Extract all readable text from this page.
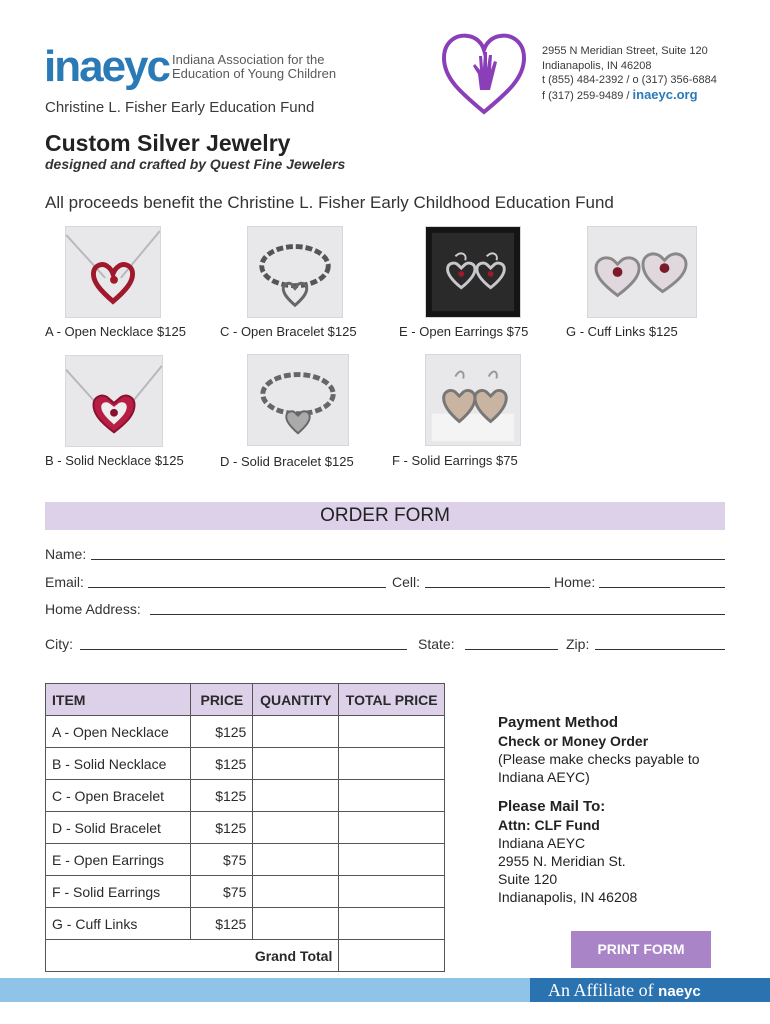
inaeyc Indiana Association for the
Education of Young Children
Christine L. Fisher Early Education Fund
2955 N Meridian Street, Suite 120
Indianapolis, IN 46208
t (855) 484-2392 / o (317) 356-6884
f (317) 259-9489 / inaeyc.org
Custom Silver Jewelry
designed and crafted by Quest Fine Jewelers
All proceeds benefit the Christine L. Fisher Early Childhood Education Fund
A - Open Necklace $125	C - Open Bracelet $125	E - Open Earrings $75	G - Cuff Links $125
B - Solid Necklace $125	D - Solid Bracelet $125	F - Solid Earrings $75
ORDER FORM
Name:
Email:	Cell:	Home:
Home Address:
City:	State:	Zip:
ITEM	PRICE	QUANTITY	TOTAL PRICE
A - Open Necklace	$125		
B - Solid Necklace	$125		
C - Open Bracelet	$125		
D - Solid Bracelet	$125		
E - Open Earrings	$75		
F - Solid Earrings	$75		
G - Cuff Links	$125		
Grand Total			
Payment Method
Check or Money Order
(Please make checks payable to
Indiana AEYC)
Please Mail To:
Attn: CLF Fund
Indiana AEYC
2955 N. Meridian St.
Suite 120
Indianapolis, IN 46208
PRINT FORM
An Affiliate of naeyc
